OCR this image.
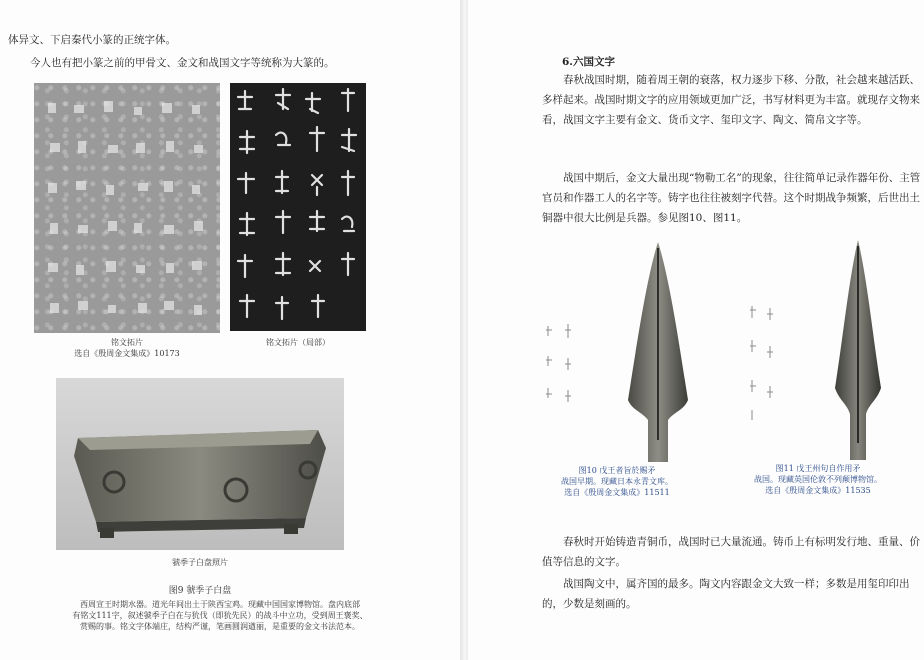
体异文、下启秦代小篆的正统字体。
今人也有把小篆之前的甲骨文、金文和战国文字等统称为大篆的。
铭文拓片
选自《殷周金文集成》10173
铭文拓片（局部）
虢季子白盘照片
图9 虢季子白盘
西周宣王时期水器。道光年间出土于陕西宝鸡。现藏中国国家博物馆。盘内底部
有铭文111字，叙述虢季子白在与狁伐（即狁先民）的战斗中立功，受到周王褒奖、
赏赐的事。铭文字体端庄，结构严谨，笔画圆润遒丽，是重要的金文书法范本。
6.六国文字
春秋战国时期，随着周王朝的衰落，权力逐步下移、分散，社会越来越活跃、多样起来。战国时期文字的应用领域更加广泛，书写材料更为丰富。就现存文物来看，战国文字主要有金文、货币文字、玺印文字、陶文、简帛文字等。
战国中期后，金文大量出现“物勒工名”的现象，往往简单记录作器年份、主管官员和作器工人的名字等。铸字也往往被刻字代替。这个时期战争频繁，后世出土铜器中很大比例是兵器。参见图10、图11。
图10 戊王者旨於赐矛
战国早期。现藏日本永青文库。
选自《殷周金文集成》11511
图11 戊王州句自作用矛
战国。现藏英国伦敦不列颠博物馆。
选自《殷周金文集成》11535
春秋时开始铸造青铜币，战国时已大量流通。铸币上有标明发行地、重量、价值等信息的文字。
战国陶文中，属齐国的最多。陶文内容跟金文大致一样；多数是用玺印印出的，少数是刻画的。
